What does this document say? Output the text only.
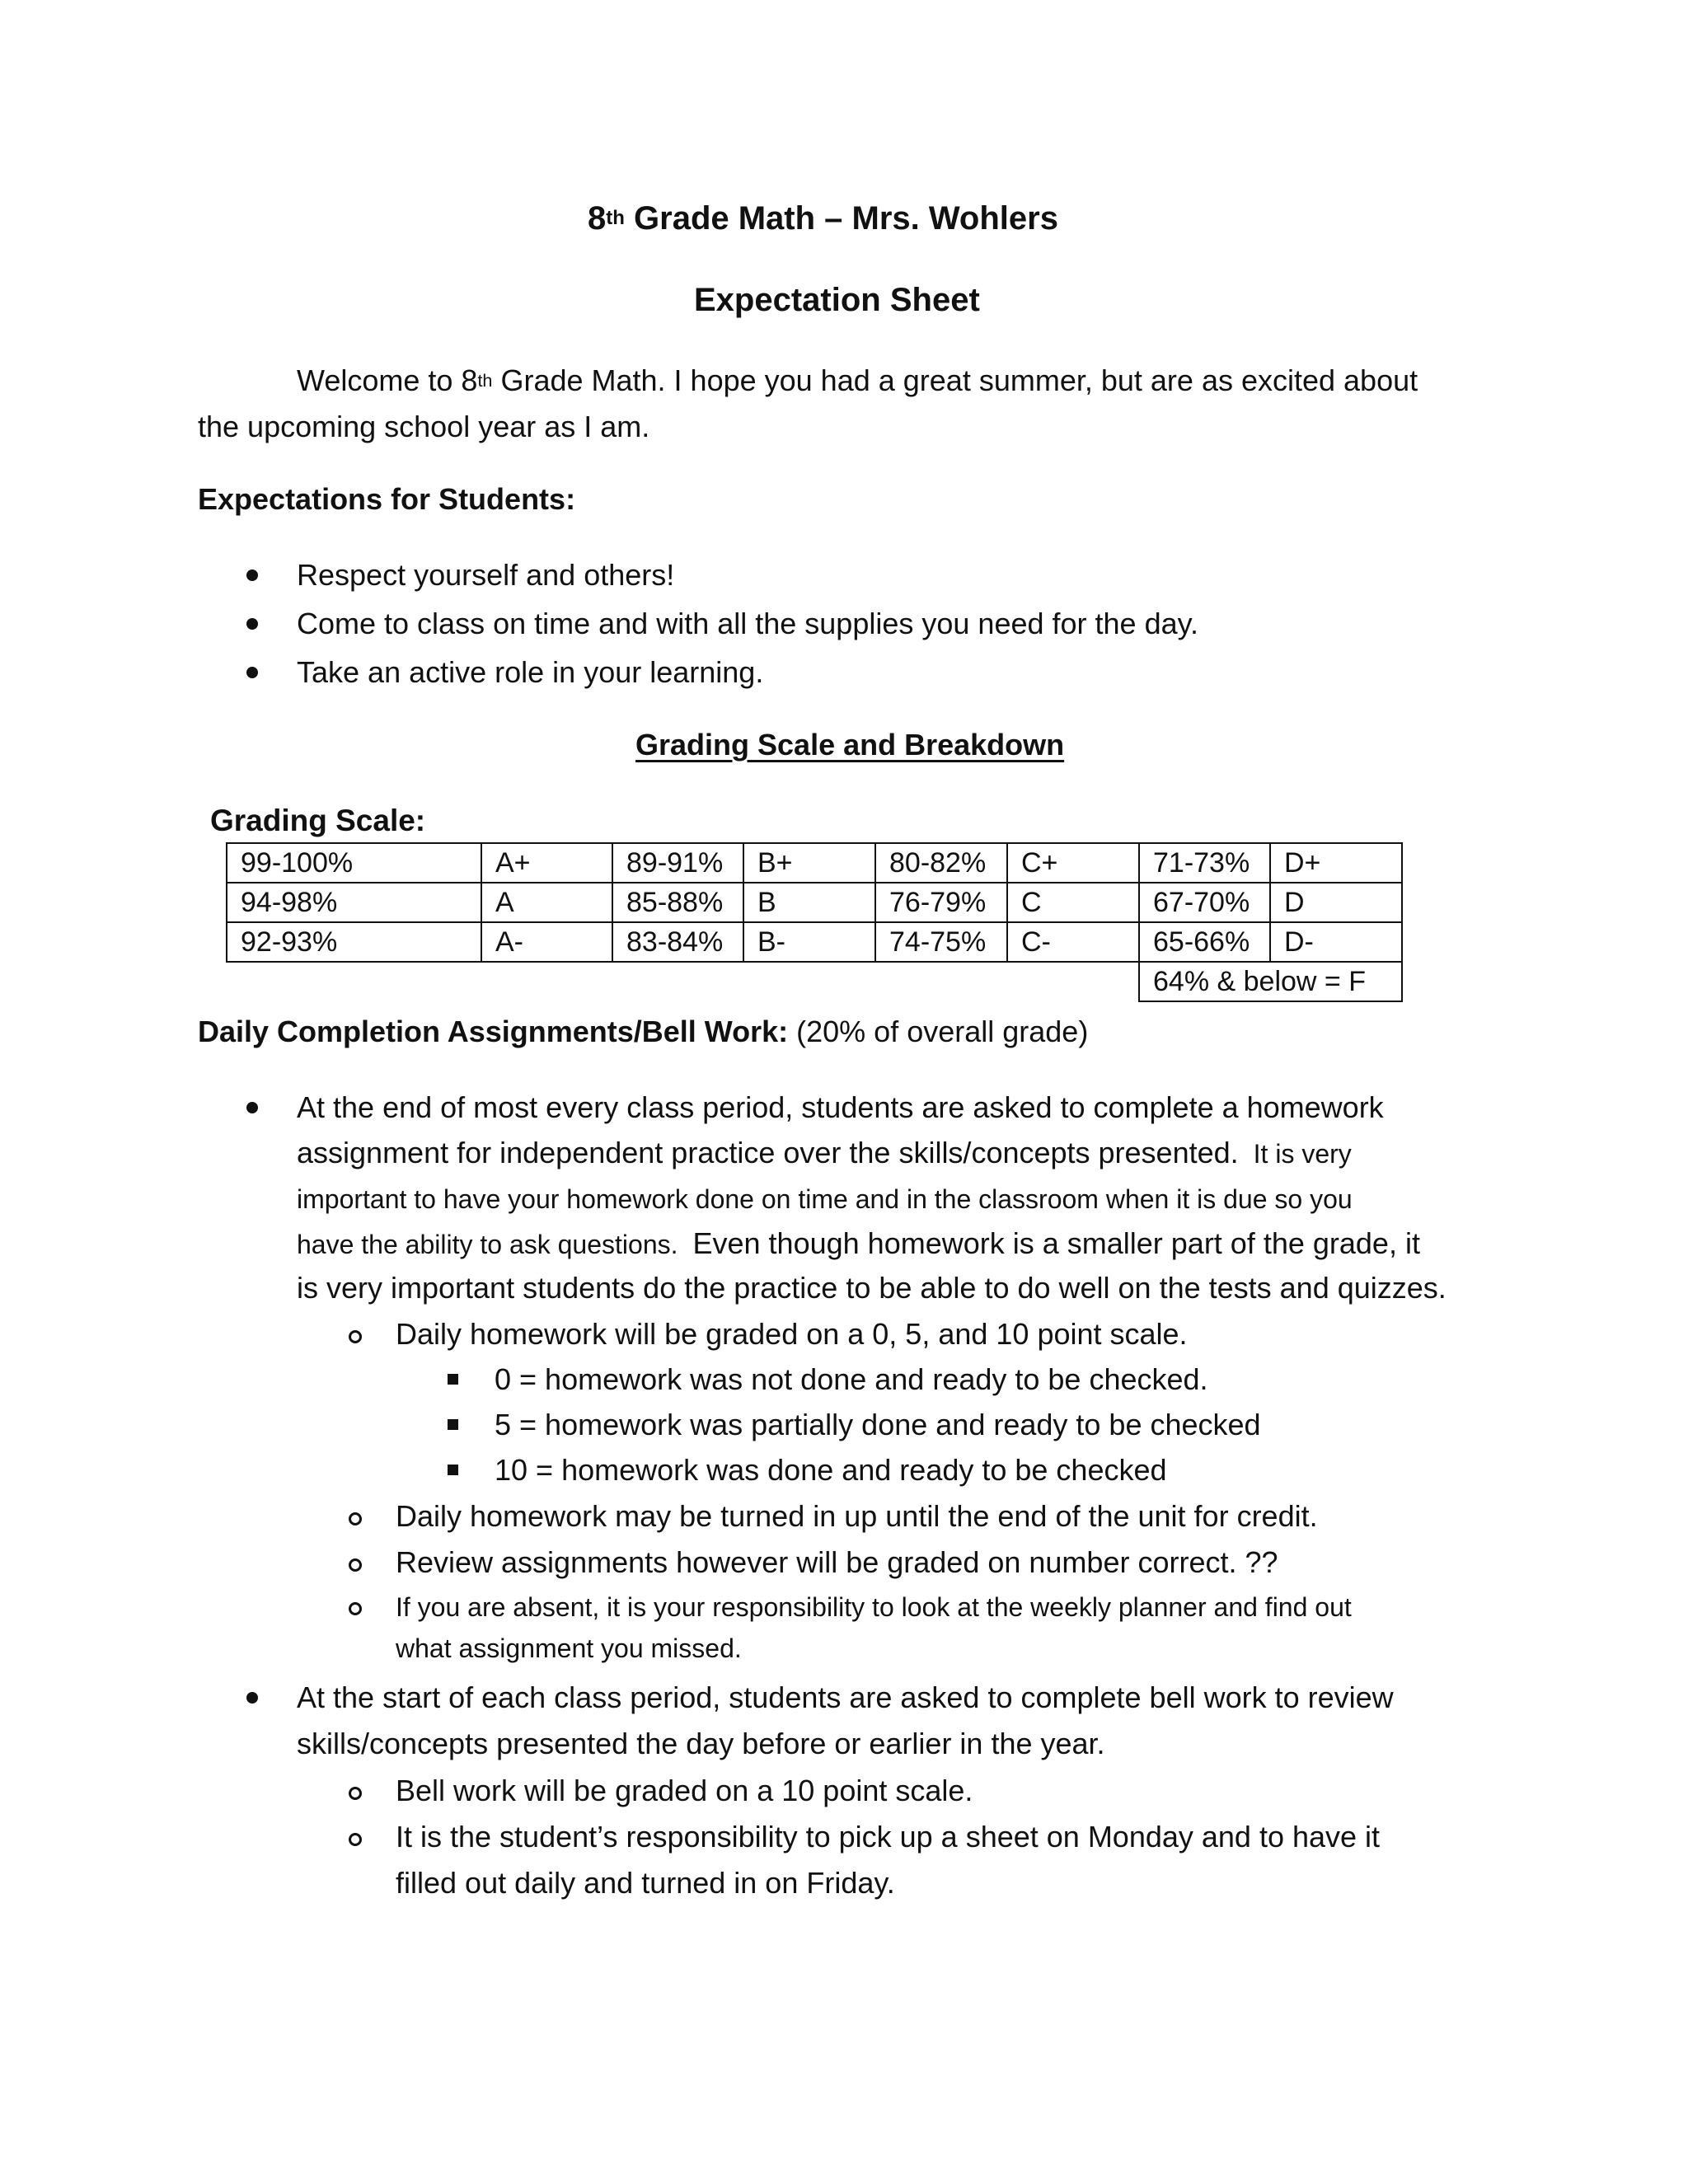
8th Grade Math – Mrs. Wohlers
Expectation Sheet
Welcome to 8th Grade Math. I hope you had a great summer, but are as excited about
the upcoming school year as I am.
Expectations for Students:
Respect yourself and others!
Come to class on time and with all the supplies you need for the day.
Take an active role in your learning.
Grading Scale and Breakdown
Grading Scale:
99-100%	A+	89-91%	B+	80-82%	C+	71-73%	D+
94-98%	A	85-88%	B	76-79%	C	67-70%	D
92-93%	A-	83-84%	B-	74-75%	C-	65-66%	D-
						64% & below = F	
Daily Completion Assignments/Bell Work: (20% of overall grade)
At the end of most every class period, students are asked to complete a homework
assignment for independent practice over the skills/concepts presented. It is very
important to have your homework done on time and in the classroom when it is due so you
have the ability to ask questions. Even though homework is a smaller part of the grade, it
is very important students do the practice to be able to do well on the tests and quizzes.
Daily homework will be graded on a 0, 5, and 10 point scale.
0 = homework was not done and ready to be checked.
5 = homework was partially done and ready to be checked
10 = homework was done and ready to be checked
Daily homework may be turned in up until the end of the unit for credit.
Review assignments however will be graded on number correct. ??
If you are absent, it is your responsibility to look at the weekly planner and find out
what assignment you missed.
At the start of each class period, students are asked to complete bell work to review
skills/concepts presented the day before or earlier in the year.
Bell work will be graded on a 10 point scale.
It is the student’s responsibility to pick up a sheet on Monday and to have it
filled out daily and turned in on Friday.
